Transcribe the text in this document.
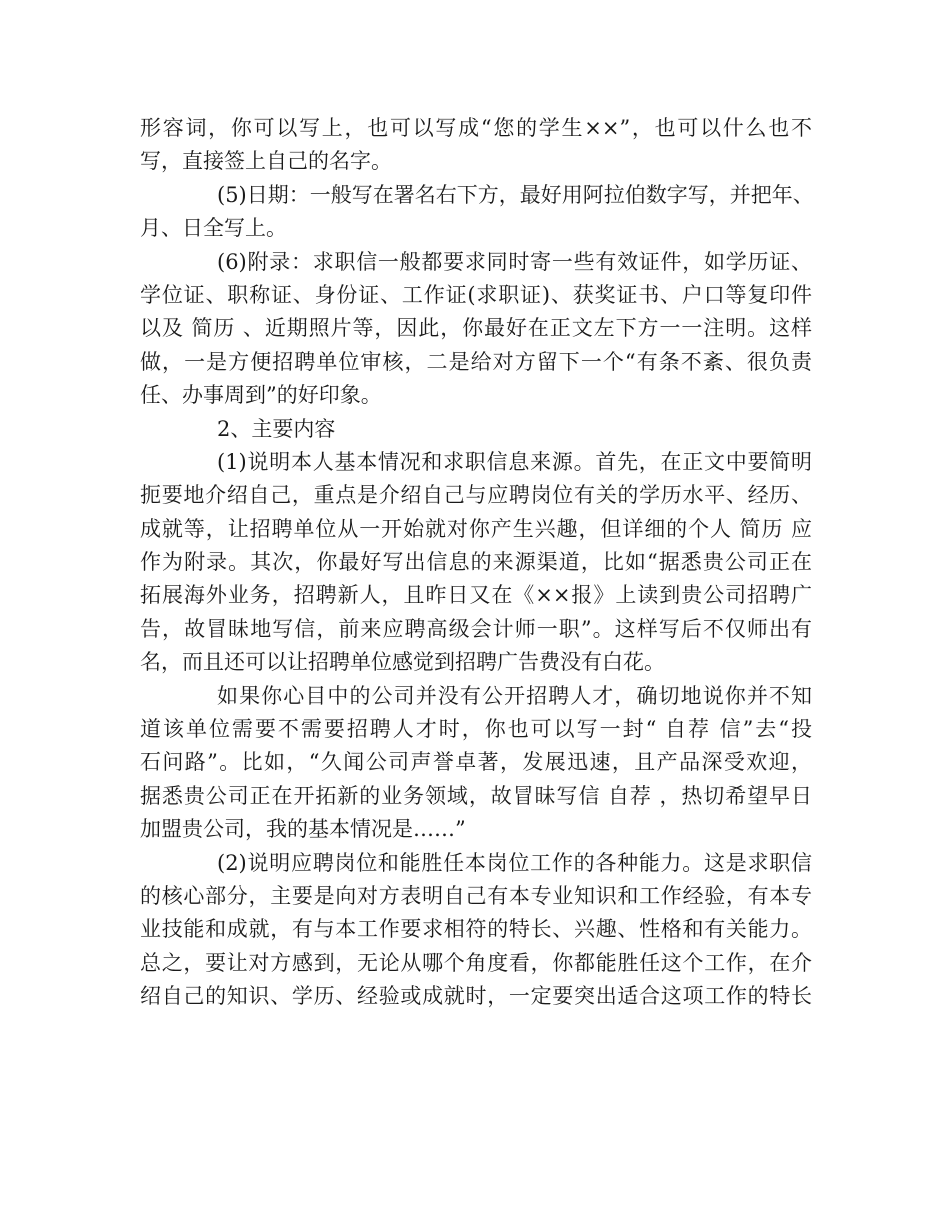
形容词，你可以写上，也可以写成“您的学生××”，也可以什么也不
写，直接签上自己的名字。
(5)日期：一般写在署名右下方，最好用阿拉伯数字写，并把年、
月、日全写上。
(6)附录：求职信一般都要求同时寄一些有效证件，如学历证、
学位证、职称证、身份证、工作证(求职证)、获奖证书、户口等复印件
以及 简历 、近期照片等，因此，你最好在正文左下方一一注明。这样
做，一是方便招聘单位审核，二是给对方留下一个“有条不紊、很负责
任、办事周到”的好印象。
2、主要内容
(1)说明本人基本情况和求职信息来源。首先，在正文中要简明
扼要地介绍自己，重点是介绍自己与应聘岗位有关的学历水平、经历、
成就等，让招聘单位从一开始就对你产生兴趣，但详细的个人 简历 应
作为附录。其次，你最好写出信息的来源渠道，比如“据悉贵公司正在
拓展海外业务，招聘新人，且昨日又在《××报》上读到贵公司招聘广
告，故冒昧地写信，前来应聘高级会计师一职”。这样写后不仅师出有
名，而且还可以让招聘单位感觉到招聘广告费没有白花。
如果你心目中的公司并没有公开招聘人才，确切地说你并不知
道该单位需要不需要招聘人才时，你也可以写一封“ 自荐 信”去“投
石问路”。比如，“久闻公司声誉卓著，发展迅速，且产品深受欢迎，
据悉贵公司正在开拓新的业务领域，故冒昧写信 自荐 ，热切希望早日
加盟贵公司，我的基本情况是……”
(2)说明应聘岗位和能胜任本岗位工作的各种能力。这是求职信
的核心部分，主要是向对方表明自己有本专业知识和工作经验，有本专
业技能和成就，有与本工作要求相符的特长、兴趣、性格和有关能力。
总之，要让对方感到，无论从哪个角度看，你都能胜任这个工作，在介
绍自己的知识、学历、经验或成就时，一定要突出适合这项工作的特长
